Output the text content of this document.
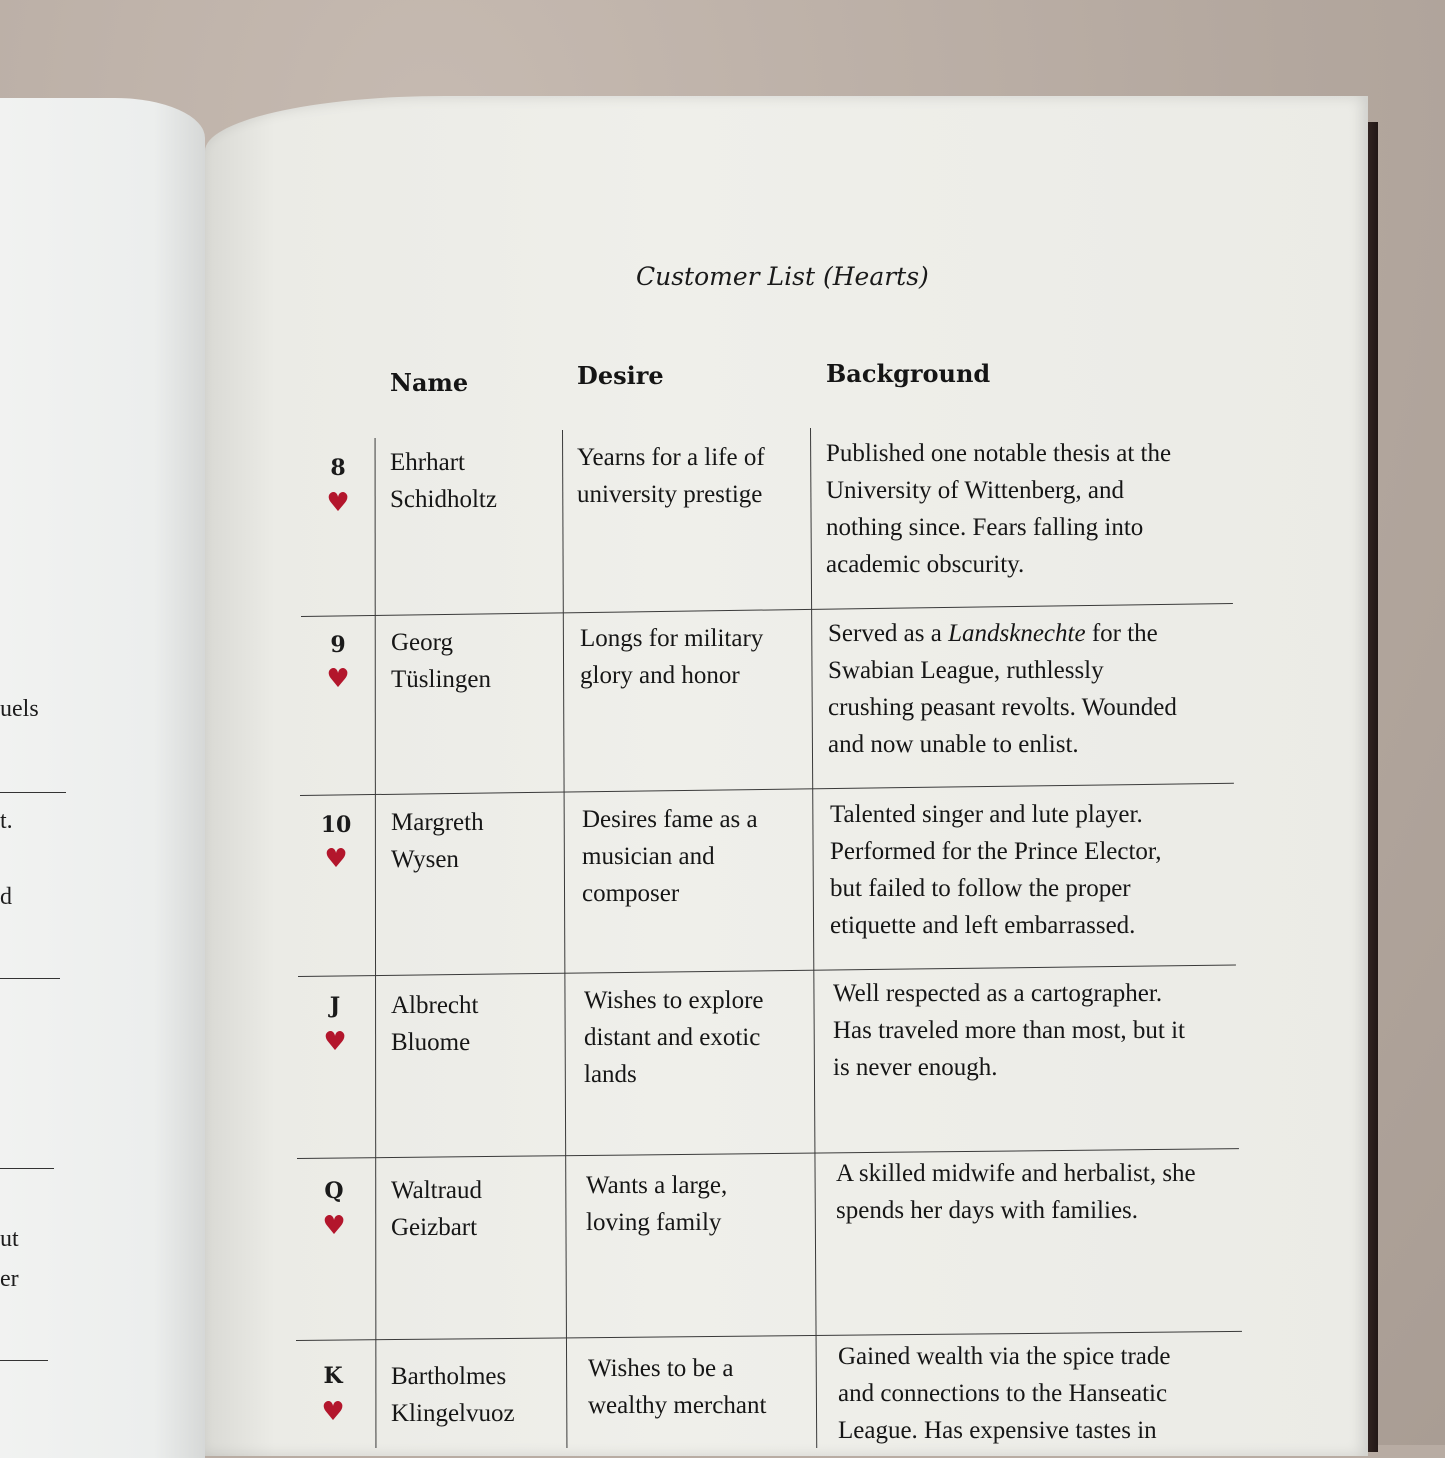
uels
t.
d
ut
er
Customer List (Hearts)
Name	Desire	Background
8
♥
Ehrhart
Schidholtz
Yearns for a life of
university prestige
Published one notable thesis at the
University of Wittenberg, and
nothing since. Fears falling into
academic obscurity.
9
♥
Georg
Tüslingen
Longs for military
glory and honor
Served as a Landsknechte for the
Swabian League, ruthlessly
crushing peasant revolts. Wounded
and now unable to enlist.
10
♥
Margreth
Wysen
Desires fame as a
musician and
composer
Talented singer and lute player.
Performed for the Prince Elector,
but failed to follow the proper
etiquette and left embarrassed.
J
♥
Albrecht
Bluome
Wishes to explore
distant and exotic
lands
Well respected as a cartographer.
Has traveled more than most, but it
is never enough.
Q
♥
Waltraud
Geizbart
Wants a large,
loving family
A skilled midwife and herbalist, she
spends her days with families.
K
♥
Bartholmes
Klingelvuoz
Wishes to be a
wealthy merchant
Gained wealth via the spice trade
and connections to the Hanseatic
League. Has expensive tastes in
